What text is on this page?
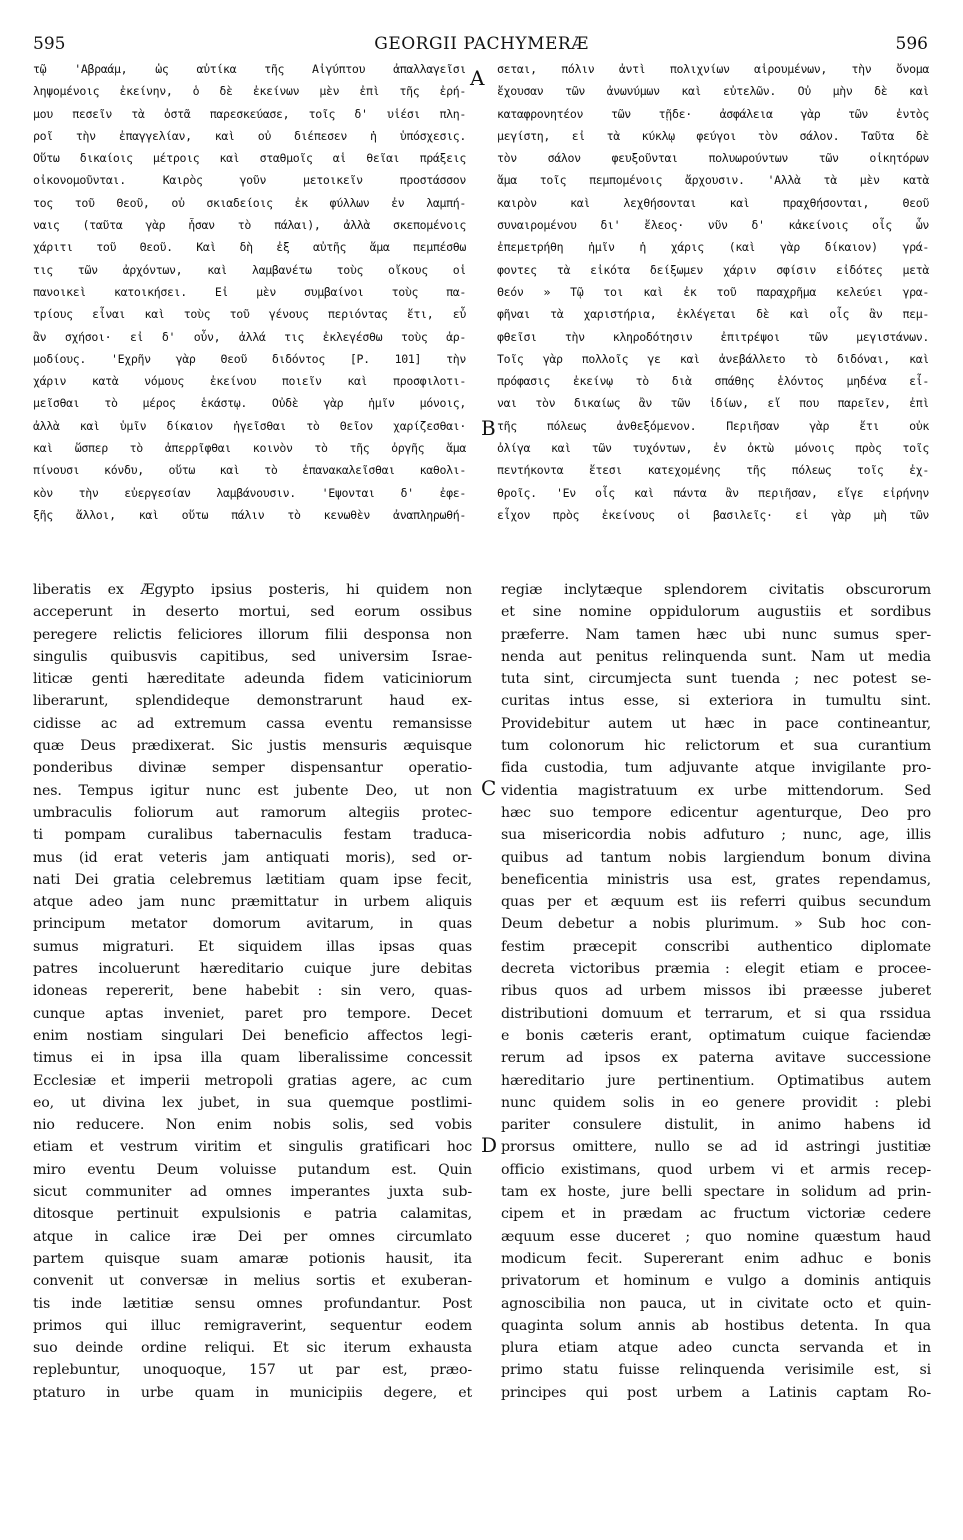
595	GEORGII PACHYMERÆ	596
τῷ 'Αβραάμ, ὡς αὐτίκα τῆς Αἰγύπτου ἀπαλλαγεῖσι
ληψομένοις ἐκείνην, ὁ δὲ ἐκείνων μὲν ἐπὶ τῆς ἐρή-
μου πεσεῖν τὰ ὀστᾶ παρεσκεύασε, τοῖς δ' υἱέσι πλη-
ροῖ τὴν ἐπαγγελίαν, καὶ οὐ διέπεσεν ἡ ὑπόσχεσις.
Οὕτω δικαίοις μέτροις καὶ σταθμοῖς αἱ θεῖαι πράξεις
οἰκονομοῦνται. Καιρὸς γοῦν μετοικεῖν προστάσσον
τος τοῦ Θεοῦ, οὐ σκιαδείοις ἐκ φύλλων ἐν λαμπή-
ναις (ταῦτα γὰρ ἦσαν τὸ πάλαι), ἀλλὰ σκεπομένοις
χάριτι τοῦ Θεοῦ. Καὶ δὴ ἐξ αὐτῆς ἅμα πεμπέσθω
τις τῶν ἀρχόντων, καὶ λαμβανέτω τοὺς οἴκους οἱ
πανοικεὶ κατοικήσει. Εἰ μὲν συμβαίνοι τοὺς πα-
τρίους εἶναι καὶ τοὺς τοῦ γένους περιόντας ἔτι, εὖ
ἂν σχήσοι· εἰ δ' οὖν, ἀλλά τις ἐκλεγέσθω τοὺς ἁρ-
μοδίους. 'Εχρῆν γὰρ Θεοῦ διδόντος [P. 101] τὴν
χάριν κατὰ νόμους ἐκείνου ποιεῖν καὶ προσφιλοτι-
μεῖσθαι τὸ μέρος ἑκάστῳ. Οὐδὲ γὰρ ἡμῖν μόνοις,
ἀλλὰ καὶ ὑμῖν δίκαιον ἡγεῖσθαι τὸ Θεῖον χαρίζεσθαι·
καὶ ὥσπερ τὸ ἀπερρῖφθαι κοινὸν τὸ τῆς ὀργῆς ἅμα
πίνουσι κόνδυ, οὕτω καὶ τὸ ἐπανακαλεῖσθαι καθολι-
κὸν τὴν εὐεργεσίαν λαμβάνουσιν. 'Εψονται δ' ἐφε-
ξῆς ἄλλοι, καὶ οὕτω πάλιν τὸ κενωθὲν ἀναπληρωθή-
σεται, πόλιν ἀντὶ πολιχνίων αἱρουμένων, τὴν ὄνομα
ἔχουσαν τῶν ἀνωνύμων καὶ εὐτελῶν. Οὐ μὴν δὲ καὶ
καταφρονητέον τῶν τῇδε· ἀσφάλεια γὰρ τῶν ἐντὸς
μεγίστη, εἰ τὰ κύκλῳ φεύγοι τὸν σάλον. Ταῦτα δὲ
τὸν σάλον φευξοῦνται πολυωρούντων τῶν οἰκητόρων
ἅμα τοῖς πεμπομένοις ἄρχουσιν. 'Αλλὰ τὰ μὲν κατὰ
καιρὸν καὶ λεχθήσονται καὶ πραχθήσονται, Θεοῦ
συναιρομένου δι' ἔλεος· νῦν δ' κἀκείνοις οἷς ὧν
ἐπεμετρήθη ἡμῖν ἡ χάρις (καὶ γὰρ δίκαιον) γρά-
φοντες τὰ εἰκότα δείξωμεν χάριν σφίσιν εἰδότες μετὰ
Θεόν » Τῷ τοι καὶ ἐκ τοῦ παραχρῆμα κελεύει γρα-
φῆναι τὰ χαριστήρια, ἐκλέγεται δὲ καὶ οἷς ἂν πεμ-
φθεῖσι τὴν κληροδότησιν ἐπιτρέψοι τῶν μεγιστάνων.
Τοῖς γὰρ πολλοῖς γε καὶ ἀνεβάλλετο τὸ διδόναι, καὶ
πρόφασις ἐκείνῳ τὸ διὰ σπάθης ἑλόντος μηδένα εἶ-
ναι τὸν δικαίως ἂν τῶν ἰδίων, εἴ που παρεῖεν, ἐπὶ
τῆς πόλεως ἀνθεξόμενον. Περιῆσαν γὰρ ἔτι οὐκ
ὀλίγα καὶ τῶν τυχόντων, ἐν ὀκτὼ μόνοις πρὸς τοῖς
πεντήκοντα ἔτεσι κατεχομένης τῆς πόλεως τοῖς ἐχ-
θροῖς. 'Εν οἷς καὶ πάντα ἂν περιῆσαν, εἴγε εἰρήνην
εἶχον πρὸς ἐκείνους οἱ βασιλεῖς· εἰ γὰρ μὴ τῶν
liberatis ex Ægypto ipsius posteris, hi quidem non
acceperunt in deserto mortui, sed eorum ossibus
peregere relictis feliciores illorum filii desponsa non
singulis quibusvis capitibus, sed universim Israe-
liticæ genti hæreditate adeunda fidem vaticiniorum
liberarunt, splendideque demonstrarunt haud ex-
cidisse ac ad extremum cassa eventu remansisse
quæ Deus prædixerat. Sic justis mensuris æquisque
ponderibus divinæ semper dispensantur operatio-
nes. Tempus igitur nunc est jubente Deo, ut non
umbraculis foliorum aut ramorum altegiis protec-
ti pompam curalibus tabernaculis festam traduca-
mus (id erat veteris jam antiquati moris), sed or-
nati Dei gratia celebremus lætitiam quam ipse fecit,
atque adeo jam nunc præmittatur in urbem aliquis
principum metator domorum avitarum, in quas
sumus migraturi. Et siquidem illas ipsas quas
patres incoluerunt hæreditario cuique jure debitas
idoneas repererit, bene habebit : sin vero, quas-
cunque aptas inveniet, paret pro tempore. Decet
enim nostiam singulari Dei beneficio affectos legi-
timus ei in ipsa illa quam liberalissime concessit
Ecclesiæ et imperii metropoli gratias agere, ac cum
eo, ut divina lex jubet, in sua quemque postlimi-
nio reducere. Non enim nobis solis, sed vobis
etiam et vestrum viritim et singulis gratificari hoc
miro eventu Deum voluisse putandum est. Quin
sicut communiter ad omnes imperantes juxta sub-
ditosque pertinuit expulsionis e patria calamitas,
atque in calice iræ Dei per omnes circumlato
partem quisque suam amaræ potionis hausit, ita
convenit ut conversæ in melius sortis et exuberan-
tis inde lætitiæ sensu omnes profundantur. Post
primos qui illuc remigraverint, sequentur eodem
suo deinde ordine reliqui. Et sic iterum exhausta
replebuntur, unoquoque, 157 ut par est, præo-
ptaturo in urbe quam in municipiis degere, et
regiæ inclytæque splendorem civitatis obscurorum
et sine nomine oppidulorum augustiis et sordibus
præferre. Nam tamen hæc ubi nunc sumus sper-
nenda aut penitus relinquenda sunt. Nam ut media
tuta sint, circumjecta sunt tuenda ; nec potest se-
curitas intus esse, si exteriora in tumultu sint.
Providebitur autem ut hæc in pace contineantur,
tum colonorum hic relictorum et sua curantium
fida custodia, tum adjuvante atque invigilante pro-
videntia magistratuum ex urbe mittendorum. Sed
hæc suo tempore edicentur agenturque, Deo pro
sua misericordia nobis adfuturo ; nunc, age, illis
quibus ad tantum nobis largiendum bonum divina
beneficentia ministris usa est, grates rependamus,
quas per et æquum est iis referri quibus secundum
Deum debetur a nobis plurimum. » Sub hoc con-
festim præcepit conscribi authentico diplomate
decreta victoribus præmia : elegit etiam e procee-
ribus quos ad urbem missos ibi præesse juberet
distributioni domuum et terrarum, et si qua rssidua
e bonis cæteris erant, optimatum cuique faciendæ
rerum ad ipsos ex paterna avitave successione
hæreditario jure pertinentium. Optimatibus autem
nunc quidem solis in eo genere providit : plebi
pariter consulere distulit, in animo habens id
prorsus omittere, nullo se ad id astringi justitiæ
officio existimans, quod urbem vi et armis recep-
tam ex hoste, jure belli spectare in solidum ad prin-
cipem et in prædam ac fructum victoriæ cedere
æquum esse duceret ; quo nomine quæstum haud
modicum fecit. Supererant enim adhuc e bonis
privatorum et hominum e vulgo a dominis antiquis
agnoscibilia non pauca, ut in civitate octo et quin-
quaginta solum annis ab hostibus detenta. In qua
plura etiam atque adeo cuncta servanda et in
primo statu fuisse relinquenda verisimile est, si
principes qui post urbem a Latinis captam Ro-
A
B
C
D
